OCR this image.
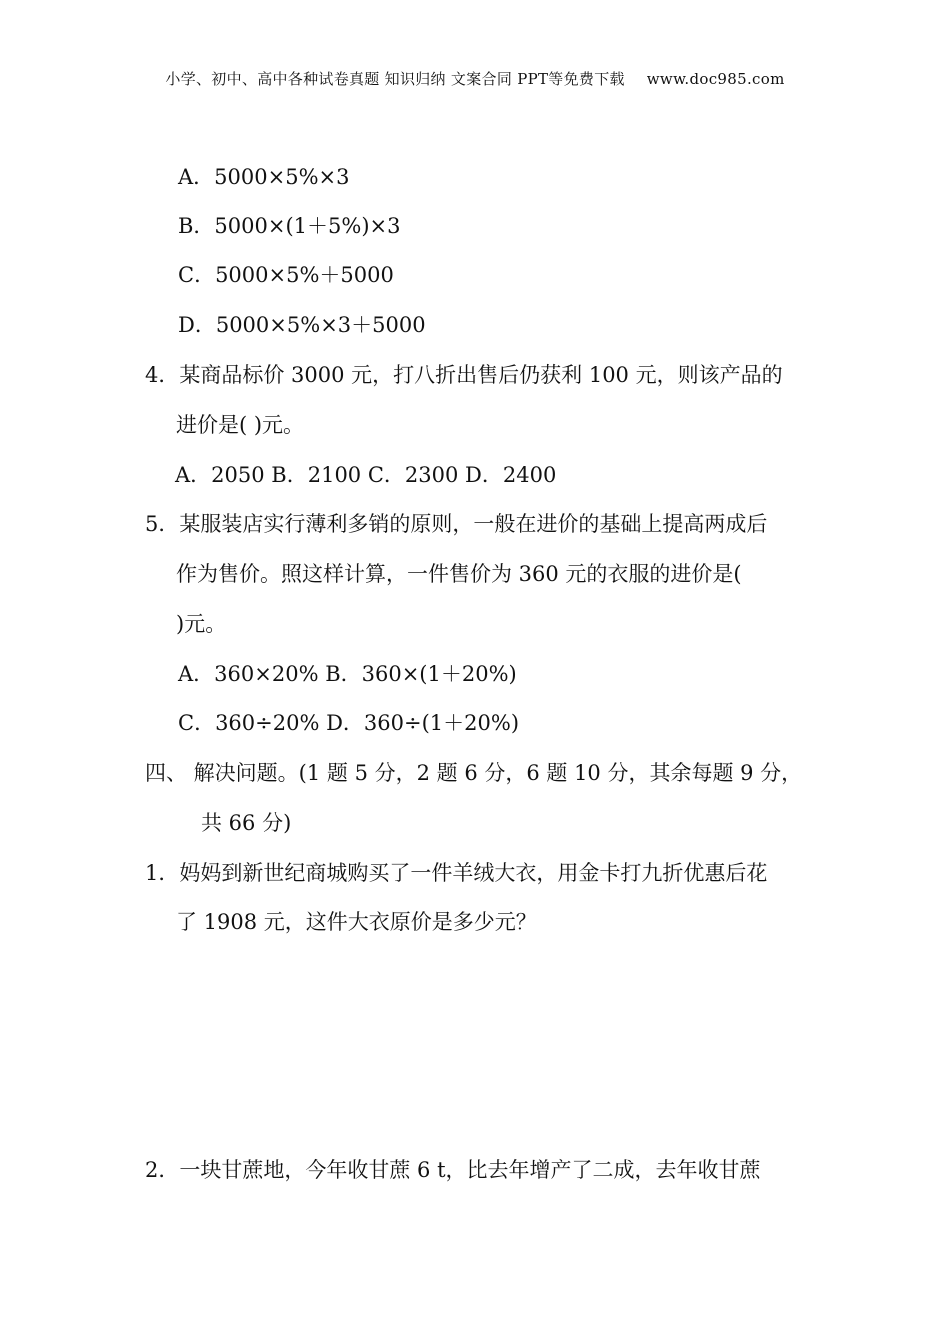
小学、初中、高中各种试卷真题 知识归纳 文案合同 PPT等免费下载 www.doc985.com
A．5000×5%×3
B．5000×(1＋5%)×3
C．5000×5%＋5000
D．5000×5%×3＋5000
4．某商品标价 3000 元，打八折出售后仍获利 100 元，则该产品的
进价是( )元。
A．2050 B．2100 C．2300 D．2400
5．某服装店实行薄利多销的原则，一般在进价的基础上提高两成后
作为售价。照这样计算，一件售价为 360 元的衣服的进价是(
)元。
A．360×20% B．360×(1＋20%)
C．360÷20% D．360÷(1＋20%)
四、 解决问题。(1 题 5 分，2 题 6 分，6 题 10 分，其余每题 9 分，
共 66 分)
1．妈妈到新世纪商城购买了一件羊绒大衣，用金卡打九折优惠后花
了 1908 元，这件大衣原价是多少元？
2．一块甘蔗地，今年收甘蔗 6 t，比去年增产了二成，去年收甘蔗
